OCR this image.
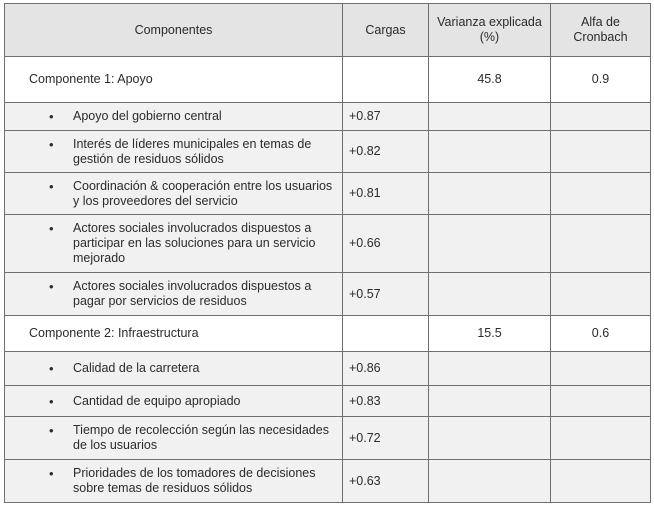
Componentes	Cargas	Varianza explicada (%)	Alfa de Cronbach
Componente 1: Apoyo		45.8	0.9

• Apoyo del gobierno central	+0.87		

• Interés de líderes municipales en temas de gestión de residuos sólidos	+0.82		

• Coordinación & cooperación entre los usuarios y los proveedores del servicio	+0.81		

• Actores sociales involucrados dispuestos a participar en las soluciones para un servicio mejorado	+0.66		

• Actores sociales involucrados dispuestos a pagar por servicios de residuos	+0.57		
Componente 2: Infraestructura		15.5	0.6

• Calidad de la carretera	+0.86		

• Cantidad de equipo apropiado	+0.83		

• Tiempo de recolección según las necesidades de los usuarios	+0.72		

• Prioridades de los tomadores de decisiones sobre temas de residuos sólidos	+0.63		
